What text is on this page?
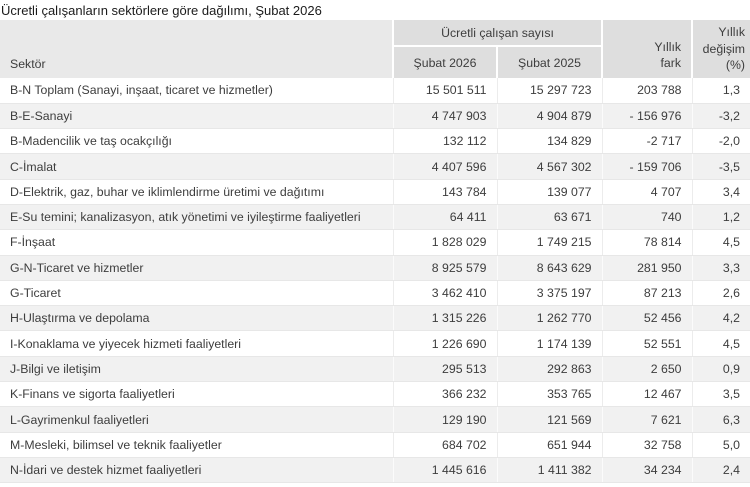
Ücretli çalışanların sektörlere göre dağılımı, Şubat 2026
Sektör	Ücretli çalışan sayısı		Yıllık fark	Yıllık değişim (%)
	Şubat 2026	Şubat 2025		
B-N Toplam (Sanayi, inşaat, ticaret ve hizmetler)	15 501 511	15 297 723	203 788	1,3
B-E-Sanayi	4 747 903	4 904 879	- 156 976	-3,2
B-Madencilik ve taş ocakçılığı	132 112	134 829	-2 717	-2,0
C-İmalat	4 407 596	4 567 302	- 159 706	-3,5
D-Elektrik, gaz, buhar ve iklimlendirme üretimi ve dağıtımı	143 784	139 077	4 707	3,4
E-Su temini; kanalizasyon, atık yönetimi ve iyileştirme faaliyetleri	64 411	63 671	740	1,2
F-İnşaat	1 828 029	1 749 215	78 814	4,5
G-N-Ticaret ve hizmetler	8 925 579	8 643 629	281 950	3,3
G-Ticaret	3 462 410	3 375 197	87 213	2,6
H-Ulaştırma ve depolama	1 315 226	1 262 770	52 456	4,2
I-Konaklama ve yiyecek hizmeti faaliyetleri	1 226 690	1 174 139	52 551	4,5
J-Bilgi ve iletişim	295 513	292 863	2 650	0,9
K-Finans ve sigorta faaliyetleri	366 232	353 765	12 467	3,5
L-Gayrimenkul faaliyetleri	129 190	121 569	7 621	6,3
M-Mesleki, bilimsel ve teknik faaliyetler	684 702	651 944	32 758	5,0
N-İdari ve destek hizmet faaliyetleri	1 445 616	1 411 382	34 234	2,4
